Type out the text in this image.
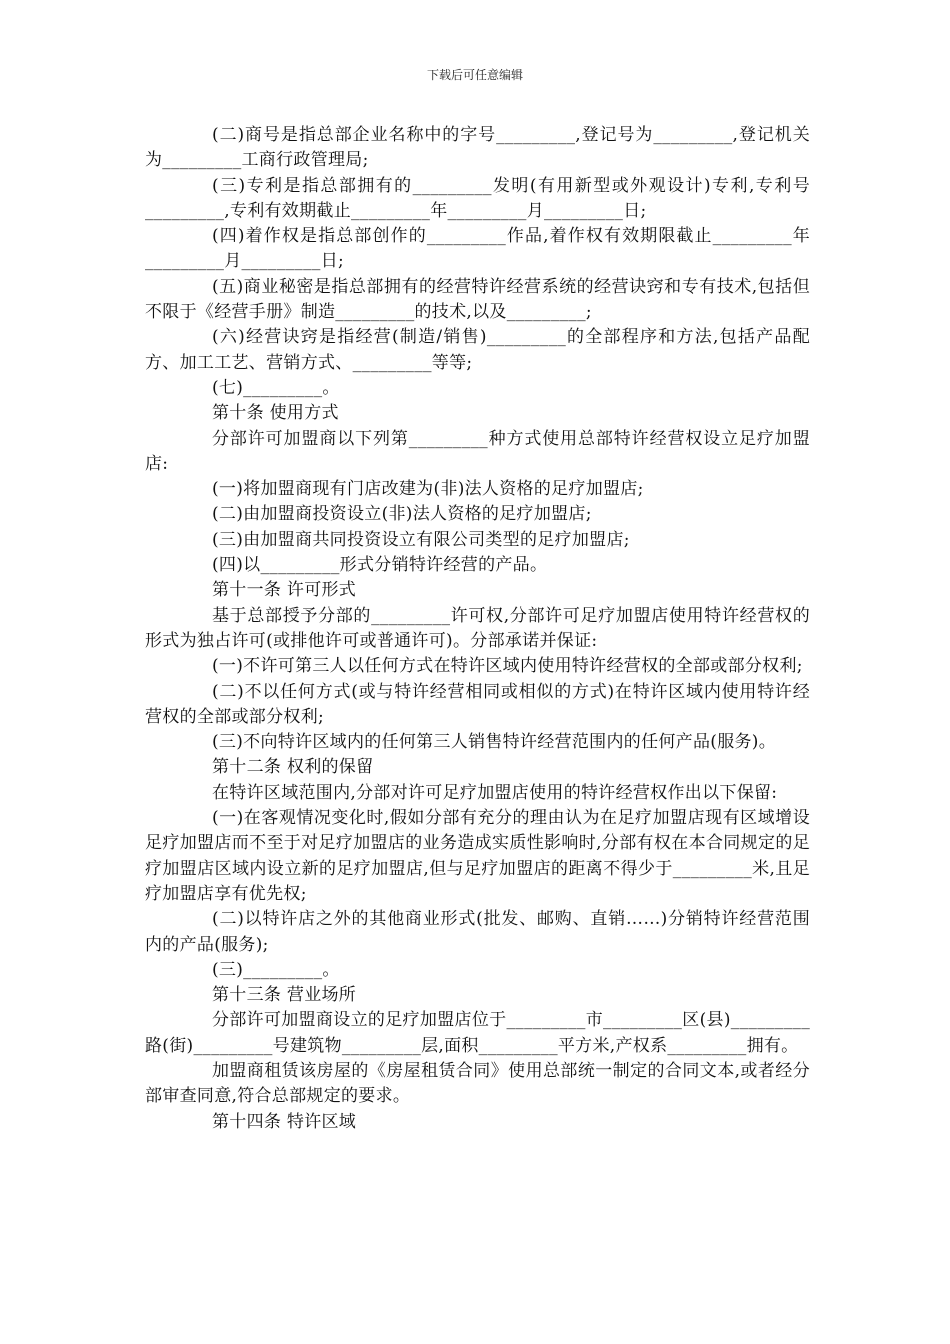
下载后可任意编辑

(二)商号是指总部企业名称中的字号_________,登记号为_________,登记机关为_________工商行政管理局;

(三)专利是指总部拥有的_________发明(有用新型或外观设计)专利,专利号_________,专利有效期截止_________年_________月_________日;

(四)着作权是指总部创作的_________作品,着作权有效期限截止_________年_________月_________日;

(五)商业秘密是指总部拥有的经营特许经营系统的经营诀窍和专有技术,包括但不限于《经营手册》制造_________的技术,以及_________;

(六)经营诀窍是指经营(制造/销售)_________的全部程序和方法,包括产品配方、加工工艺、营销方式、_________等等;

(七)_________。

第十条 使用方式

分部许可加盟商以下列第_________种方式使用总部特许经营权设立足疗加盟店:

(一)将加盟商现有门店改建为(非)法人资格的足疗加盟店;

(二)由加盟商投资设立(非)法人资格的足疗加盟店;

(三)由加盟商共同投资设立有限公司类型的足疗加盟店;

(四)以_________形式分销特许经营的产品。

第十一条 许可形式

基于总部授予分部的_________许可权,分部许可足疗加盟店使用特许经营权的形式为独占许可(或排他许可或普通许可)。分部承诺并保证:

(一)不许可第三人以任何方式在特许区域内使用特许经营权的全部或部分权利;

(二)不以任何方式(或与特许经营相同或相似的方式)在特许区域内使用特许经营权的全部或部分权利;

(三)不向特许区域内的任何第三人销售特许经营范围内的任何产品(服务)。

第十二条 权利的保留

在特许区域范围内,分部对许可足疗加盟店使用的特许经营权作出以下保留:

(一)在客观情况变化时,假如分部有充分的理由认为在足疗加盟店现有区域增设足疗加盟店而不至于对足疗加盟店的业务造成实质性影响时,分部有权在本合同规定的足疗加盟店区域内设立新的足疗加盟店,但与足疗加盟店的距离不得少于_________米,且足疗加盟店享有优先权;

(二)以特许店之外的其他商业形式(批发、邮购、直销……)分销特许经营范围内的产品(服务);

(三)_________。

第十三条 营业场所

分部许可加盟商设立的足疗加盟店位于_________市_________区(县)_________路(街)_________号建筑物_________层,面积_________平方米,产权系_________拥有。

加盟商租赁该房屋的《房屋租赁合同》使用总部统一制定的合同文本,或者经分部审查同意,符合总部规定的要求。

第十四条 特许区域
